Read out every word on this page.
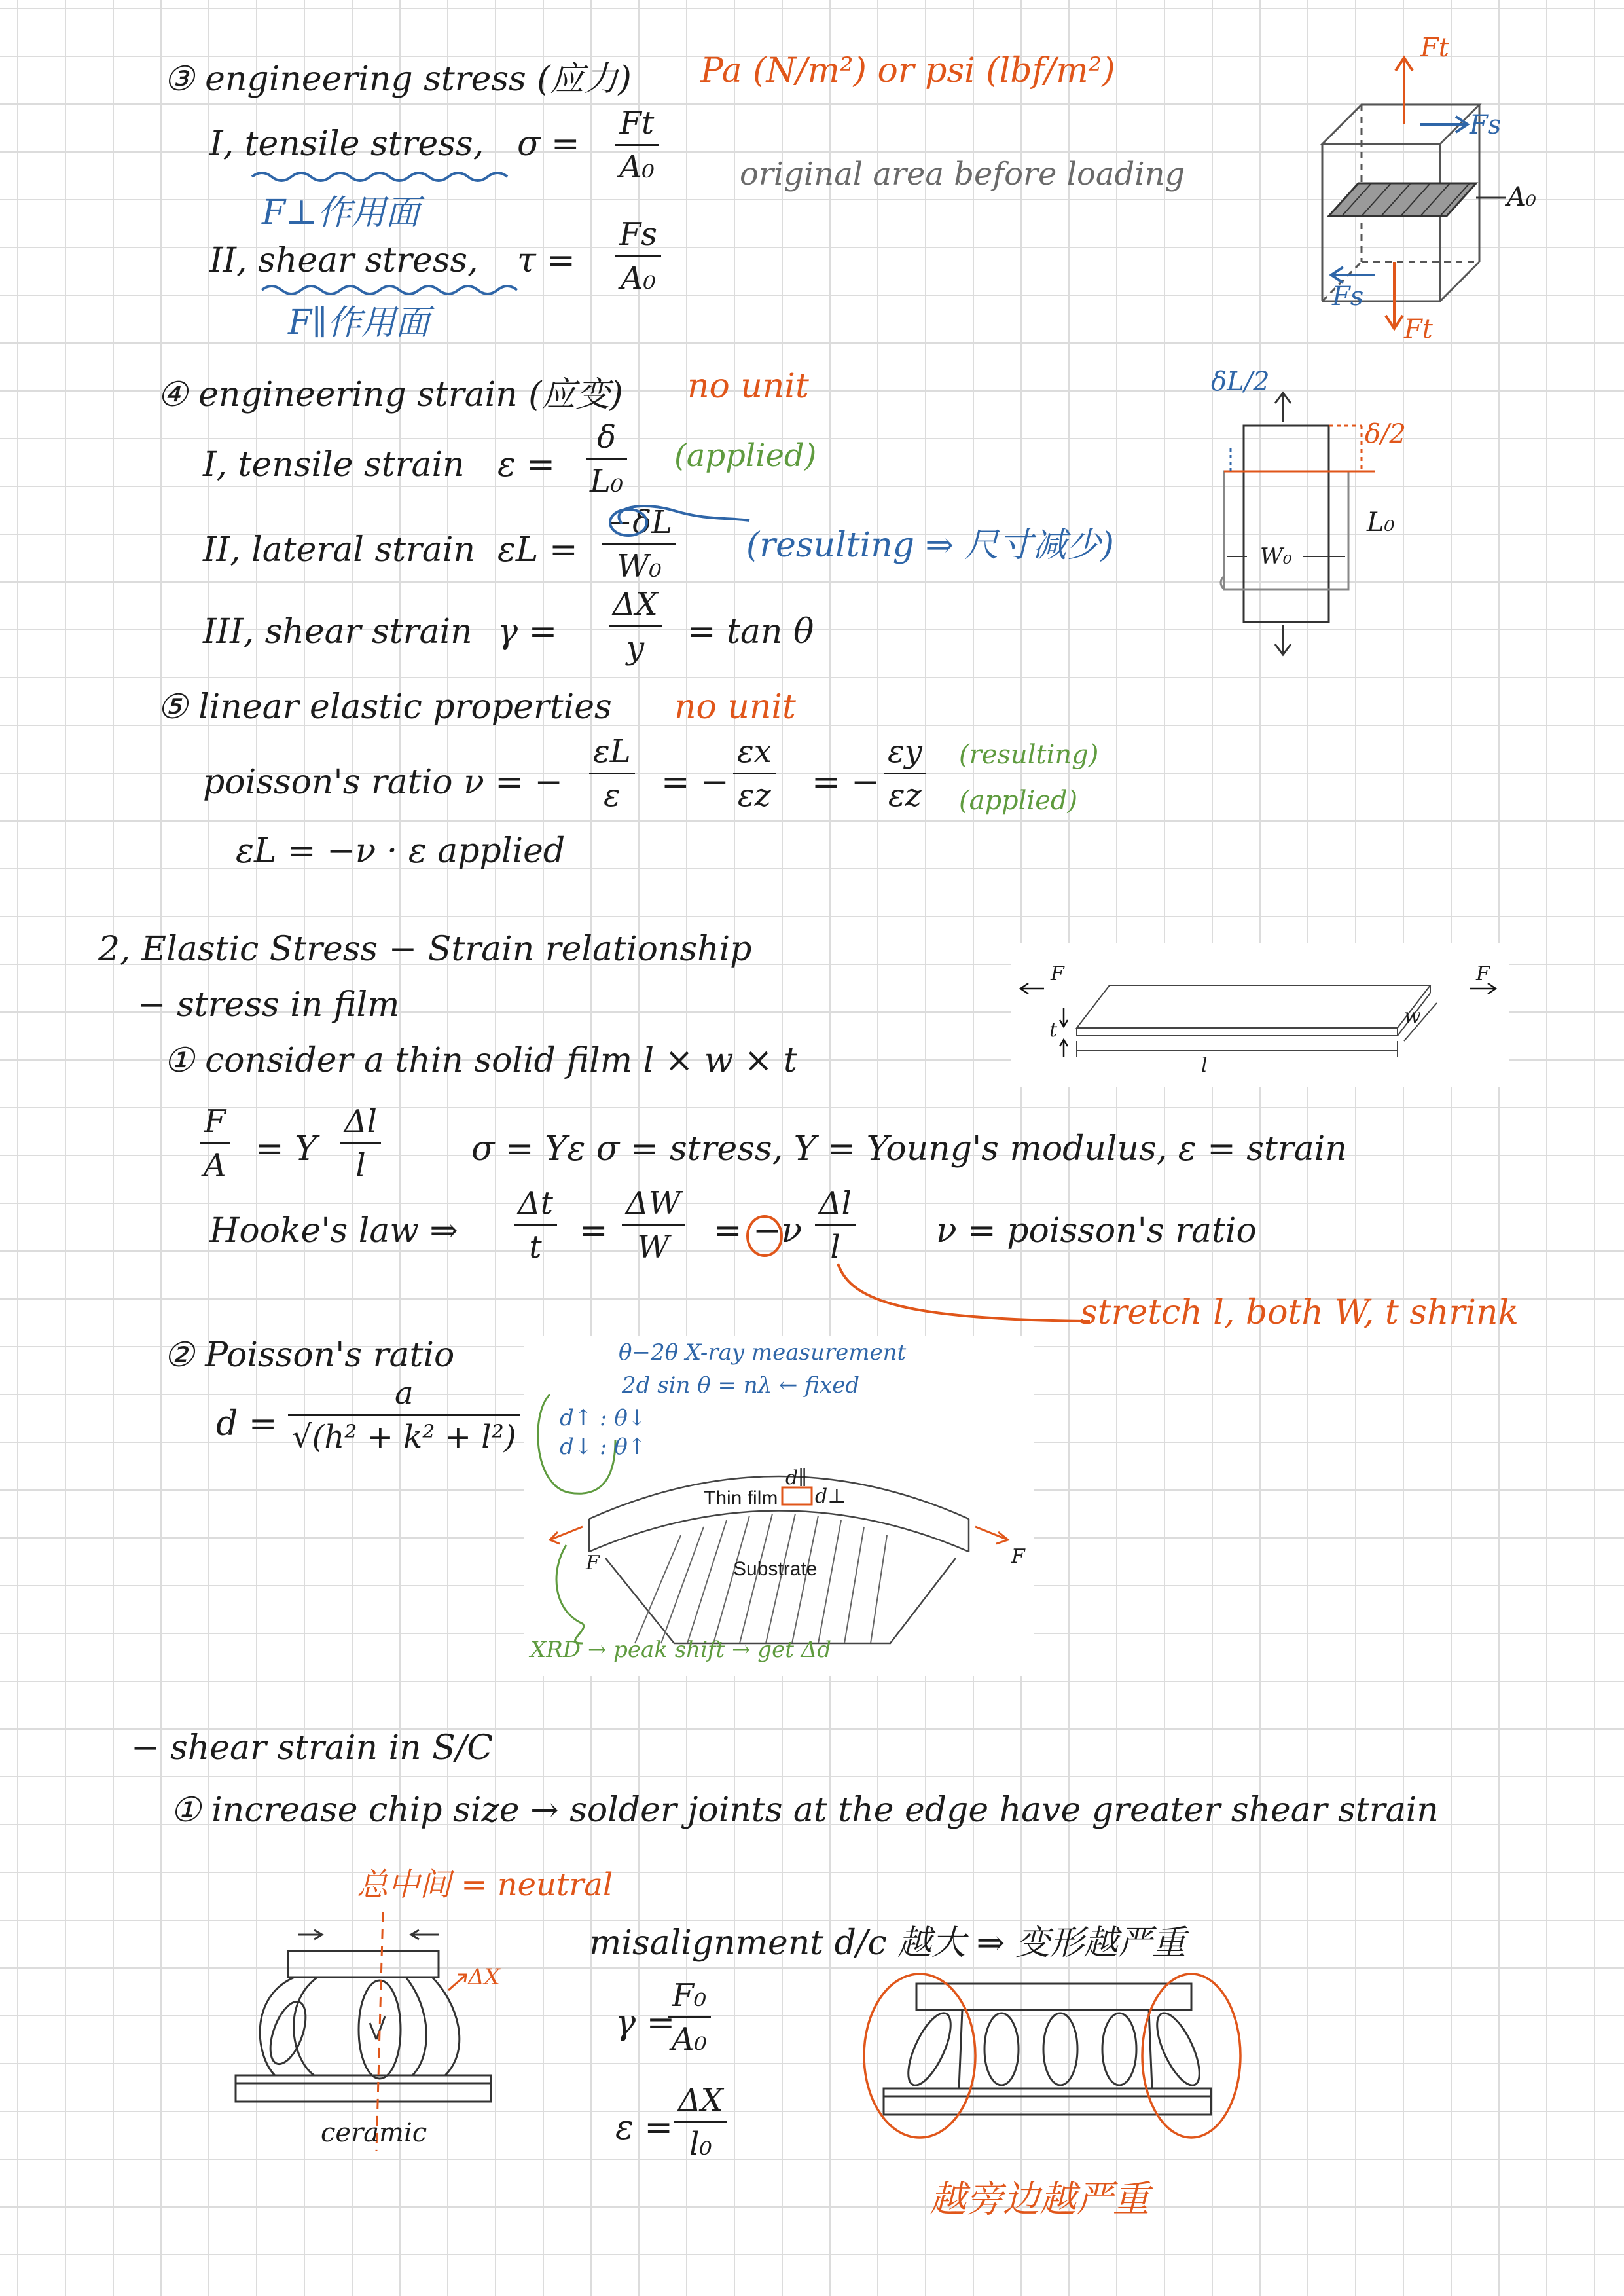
③ engineering stress (应力) Pa (N/m²) or psi (lbf/m²)
I, tensile stress, $\sigma = \frac{Ft}{\text{A₀}}$	original area before loading
F⊥作用面
II, shear stress, $\tau = \frac{Fs}{\text{A₀}}$
F∥作用面
Ft
Fs
A₀
Fs
Ft
④ engineering strain (应变) no unit
I, tensile strain $\varepsilon = \frac{\delta}{\text{L₀}}$ (applied)
II, lateral strain $\varepsilon L = \frac{-\delta L}{\text{W₀}}$ (resulting ⇒ 尺寸减少)
III, shear strain $\gamma = \frac{\Delta X}{y} = \tan \theta$
δL/2
δ/2
L₀
W₀
⑤ linear elastic properties no unit
poisson's ratio ν = − $\frac{\varepsilon L}{\varepsilon}$ = − $\frac{\varepsilon x}{\varepsilon z}$ = − $\frac{\varepsilon y}{\varepsilon z}$ (resulting)
(applied)
εL = −ν · ε applied
2, Elastic Stress − Strain relationship
− stress in film
① consider a thin solid film l × w × t
$\frac{F}{A} = Y \frac{\Delta l}{l}$	σ = Yε σ = stress, Y = Young's modulus, ε = strain
Hooke's law ⇒ $\frac{\Delta t}{t} = \frac{\Delta W}{W} = -\nu \frac{\Delta l}{l}$ ν = poisson's ratio
stretch l, both W, t shrink
② Poisson's ratio
$d = \frac{a}{\text{√(h² + k² + l²)}}$
F	F
t
w
l
θ−2θ X-ray measurement
2d sin θ = nλ ← fixed
d↑ : θ↓
d↓ : θ↑
Thin film
Substrate
d⊥
d∥
F	F
XRD → peak shift → get Δd
− shear strain in S/C
① increase chip size → solder joints at the edge have greater shear strain
总中间 = neutral
ΔX
ceramic
misalignment d/c 越大 ⇒ 变形越严重
γ =
$\frac{\text{F₀}}{\text{A₀}}$
$\varepsilon = \frac{\Delta X}{\text{l₀}}$
越旁边越严重
